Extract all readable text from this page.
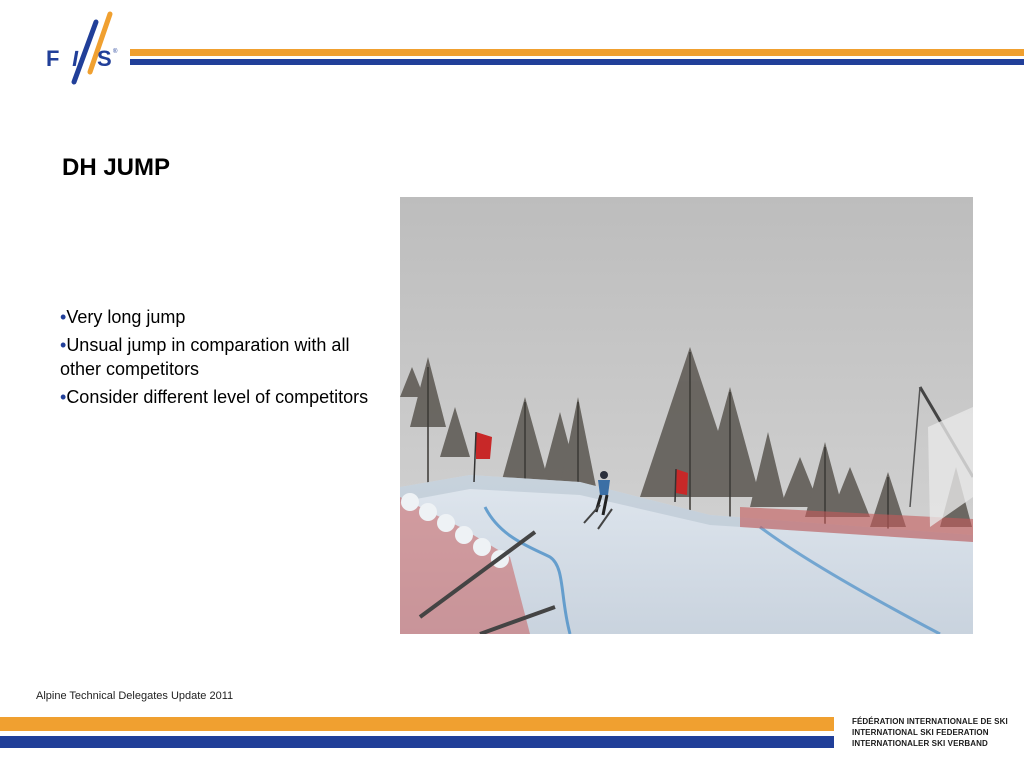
F I S ®
DH JUMP
•Very long jump
•Unsual jump in comparation with all other competitors
•Consider different level of competitors
Alpine Technical Delegates Update 2011
FÉDÉRATION INTERNATIONALE DE SKI
INTERNATIONAL SKI FEDERATION
INTERNATIONALER SKI VERBAND
